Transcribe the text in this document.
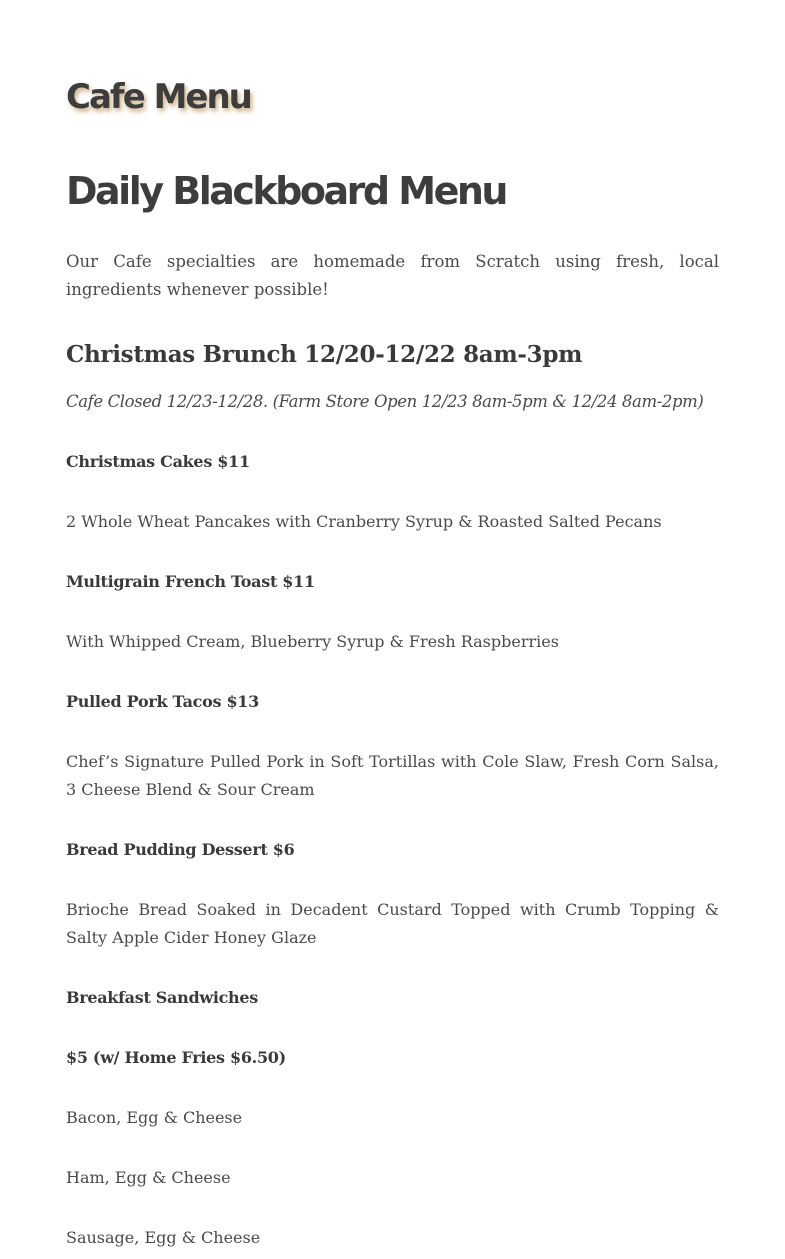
Cafe Menu
Daily Blackboard Menu

Our Cafe specialties are homemade from Scratch using fresh, local ingredients whenever possible!

Christmas Brunch 12/20-12/22 8am-3pm

Cafe Closed 12/23-12/28. (Farm Store Open 12/23 8am-5pm & 12/24 8am-2pm)

Christmas Cakes $11

2 Whole Wheat Pancakes with Cranberry Syrup & Roasted Salted Pecans

Multigrain French Toast $11

With Whipped Cream, Blueberry Syrup & Fresh Raspberries

Pulled Pork Tacos $13

Chef’s Signature Pulled Pork in Soft Tortillas with Cole Slaw, Fresh Corn Salsa, 3 Cheese Blend & Sour Cream

Bread Pudding Dessert $6

Brioche Bread Soaked in Decadent Custard Topped with Crumb Topping & Salty Apple Cider Honey Glaze

Breakfast Sandwiches

$5 (w/ Home Fries $6.50)

Bacon, Egg & Cheese

Ham, Egg & Cheese

Sausage, Egg & Cheese
